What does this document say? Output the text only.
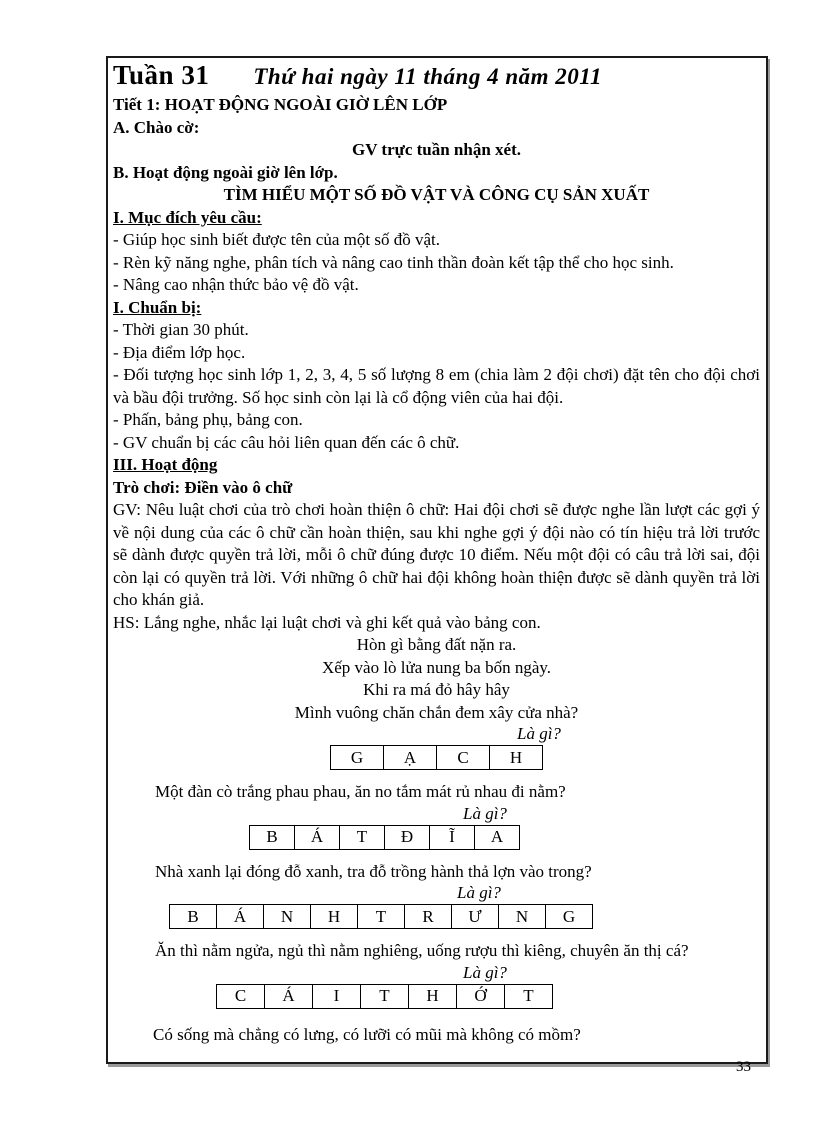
Tuần 31 Thứ hai ngày 11 tháng 4 năm 2011

Tiết 1: HOẠT ĐỘNG NGOÀI GIỜ LÊN LỚP

A. Chào cờ:

GV trực tuần nhận xét.

B. Hoạt động ngoài giờ lên lớp.

TÌM HIỂU MỘT SỐ ĐỒ VẬT VÀ CÔNG CỤ SẢN XUẤT

I. Mục đích yêu cầu:

- Giúp học sinh biết được tên của một số đồ vật.

- Rèn kỹ năng nghe, phân tích và nâng cao tinh thần đoàn kết tập thể cho học sinh.

- Nâng cao nhận thức bảo vệ đồ vật.

I. Chuẩn bị:

- Thời gian 30 phút.

- Địa điểm lớp học.

- Đối tượng học sinh lớp 1, 2, 3, 4, 5 số lượng 8 em (chia làm 2 đội chơi) đặt tên cho đội chơi và bầu đội trưởng. Số học sinh còn lại là cổ động viên của hai đội.

- Phấn, bảng phụ, bảng con.

- GV chuẩn bị các câu hỏi liên quan đến các ô chữ.

III. Hoạt động

Trò chơi: Điền vào ô chữ

GV: Nêu luật chơi của trò chơi hoàn thiện ô chữ: Hai đội chơi sẽ được nghe lần lượt các gợi ý về nội dung của các ô chữ cần hoàn thiện, sau khi nghe gợi ý đội nào có tín hiệu trả lời trước sẽ dành được quyền trả lời, mỗi ô chữ đúng được 10 điểm. Nếu một đội có câu trả lời sai, đội còn lại có quyền trả lời. Với những ô chữ hai đội không hoàn thiện được sẽ dành quyền trả lời cho khán giả.

HS: Lắng nghe, nhắc lại luật chơi và ghi kết quả vào bảng con.

Hòn gì bằng đất nặn ra.

Xếp vào lò lửa nung ba bốn ngày.

Khi ra má đỏ hây hây

Mình vuông chăn chắn đem xây cửa nhà?

Là gì?

G	Ạ	C	H

Một đàn cò trắng phau phau, ăn no tắm mát rủ nhau đi nằm?

Là gì?

B	Á	T	Đ	Ĩ	A

Nhà xanh lại đóng đỗ xanh, tra đỗ trồng hành thả lợn vào trong?

Là gì?

B	Á	N	H	T	R	Ư	N	G

Ăn thì nằm ngửa, ngủ thì nằm nghiêng, uống rượu thì kiêng, chuyên ăn thị cá?

Là gì?

C	Á	I	T	H	Ớ	T

Có sống mà chẳng có lưng, có lưỡi có mũi mà không có mồm?

33
